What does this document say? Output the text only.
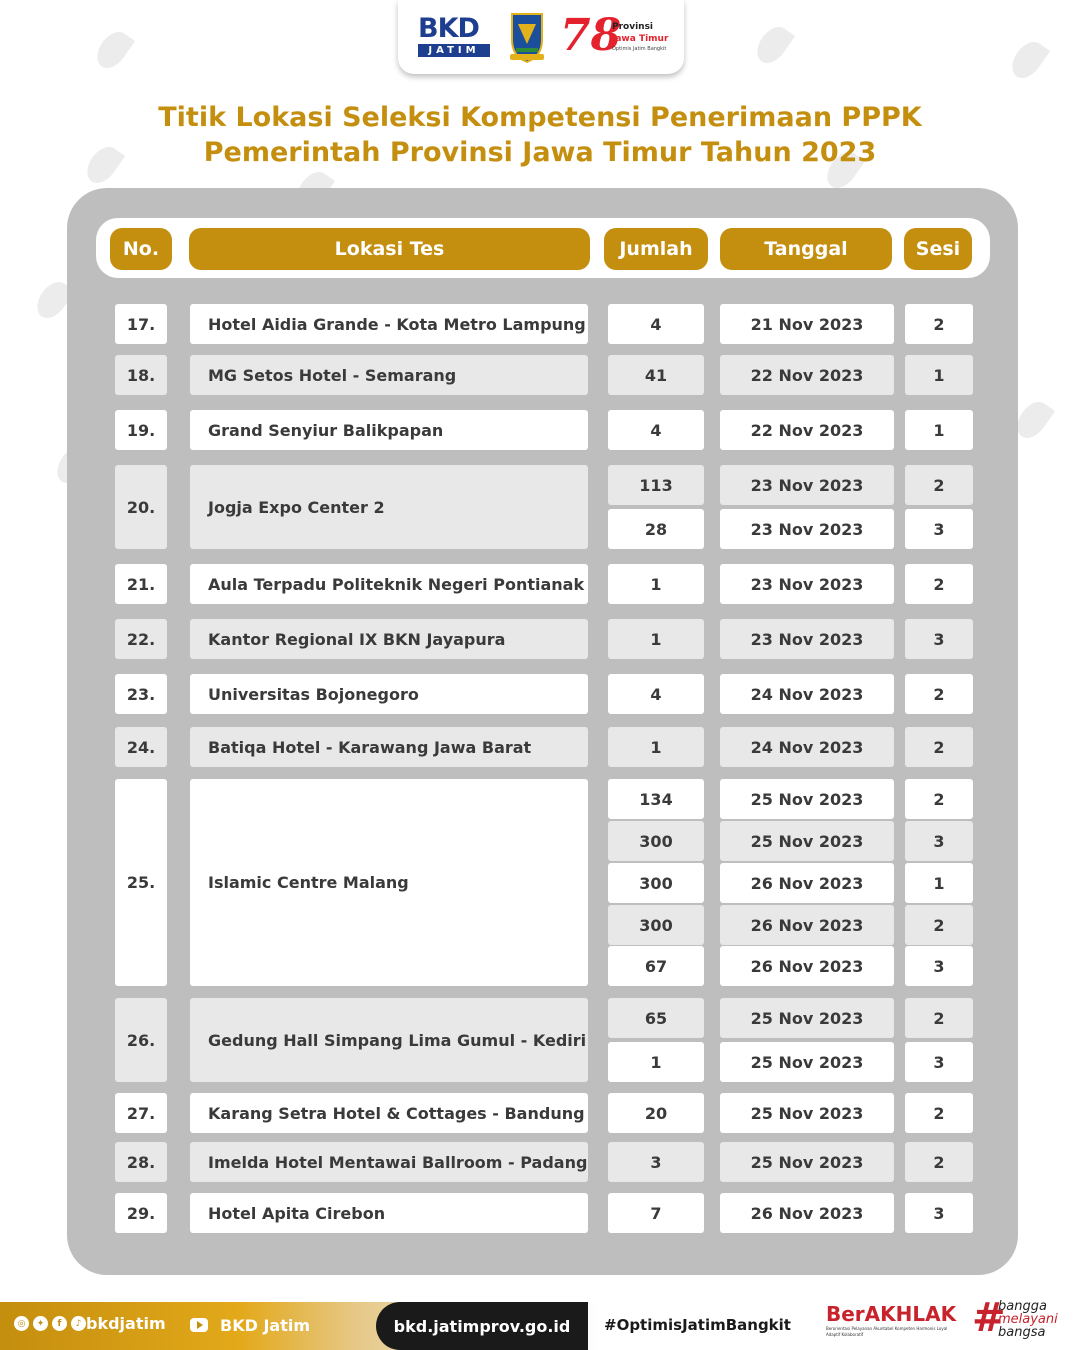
BKD
JATIM 78
Provinsi
Jawa Timur
Optimis Jatim Bangkit
Titik Lokasi Seleksi Kompetensi Penerimaan PPPK
Pemerintah Provinsi Jawa Timur Tahun 2023
No.	Lokasi Tes	Jumlah	Tanggal	Sesi
17.	Hotel Aidia Grande - Kota Metro Lampung	4	21 Nov 2023	2
18.	MG Setos Hotel - Semarang	41	22 Nov 2023	1
19.	Grand Senyiur Balikpapan	4	22 Nov 2023	1
20.	Jogja Expo Center 2
113	23 Nov 2023	2
28	23 Nov 2023	3
21.	Aula Terpadu Politeknik Negeri Pontianak	1	23 Nov 2023	2
22.	Kantor Regional IX BKN Jayapura	1	23 Nov 2023	3
23.	Universitas Bojonegoro	4	24 Nov 2023	2
24.	Batiqa Hotel - Karawang Jawa Barat	1	24 Nov 2023	2
25.	Islamic Centre Malang
134	25 Nov 2023	2
300	25 Nov 2023	3
300	26 Nov 2023	1
300	26 Nov 2023	2
67	26 Nov 2023	3
26.	Gedung Hall Simpang Lima Gumul - Kediri
65	25 Nov 2023	2
1	25 Nov 2023	3
27.	Karang Setra Hotel & Cottages - Bandung	20	25 Nov 2023	2
28.	Imelda Hotel Mentawai Ballroom - Padang	3	25 Nov 2023	2
29.	Hotel Apita Cirebon	7	26 Nov 2023	3
◎	✦	f	♪ bkdjatim	BKD Jatim	bkd.jatimprov.go.id	#OptimisJatimBangkit BerAKHLAK
Berorientasi Pelayanan Akuntabel Kompeten Harmonis Loyal Adaptif Kolaboratif	#
bangga
melayani
bangsa
